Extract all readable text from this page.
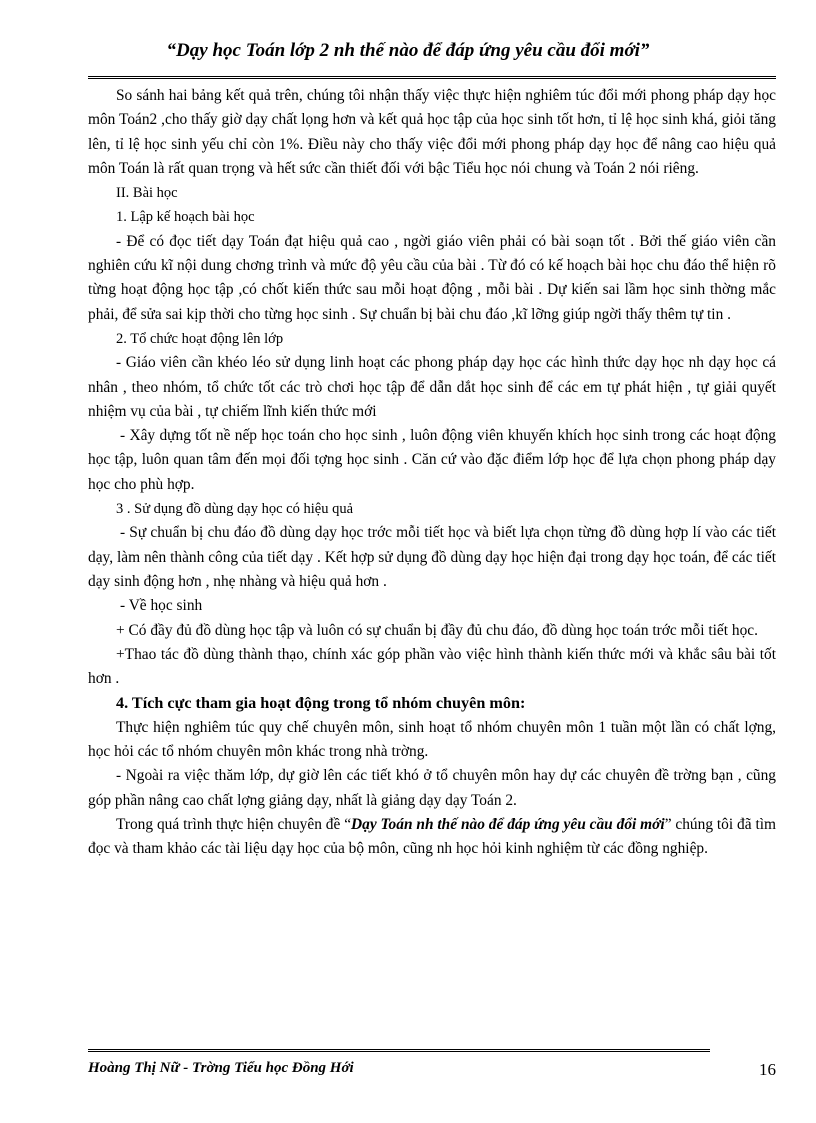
“Dạy học Toán lớp 2 nh thế nào để đáp ứng yêu cầu đổi mới”

So sánh hai bảng kết quả trên, chúng tôi nhận thấy việc thực hiện nghiêm túc đổi mới phong pháp dạy học môn Toán2 ,cho thấy giờ dạy chất lọng hơn và kết quả học tập của học sinh tốt hơn, tỉ lệ học sinh khá, giỏi tăng lên, tỉ lệ học sinh yếu chỉ còn 1%. Điều này cho thấy việc đổi mới phong pháp dạy học để nâng cao hiệu quả môn Toán là rất quan trọng và hết sức cần thiết đối với bậc Tiểu học nói chung và Toán 2 nói riêng.

II. Bài học

1. Lập kế hoạch bài học

- Để có đọc tiết dạy Toán đạt hiệu quả cao , ngời giáo viên phải có bài soạn tốt . Bởi thế giáo viên cần nghiên cứu kĩ nội dung chơng trình và mức độ yêu cầu của bài . Từ đó có kế hoạch bài học chu đáo thể hiện rõ từng hoạt động học tập ,có chốt kiến thức sau mỗi hoạt động , mỗi bài . Dự kiến sai lầm học sinh thờng mắc phải, để sửa sai kịp thời cho từng học sinh . Sự chuẩn bị bài chu đáo ,kĩ lỡng giúp ngời thấy thêm tự tin .

2. Tổ chức hoạt động lên lớp

- Giáo viên cần khéo léo sử dụng linh hoạt các phong pháp dạy học các hình thức dạy học nh dạy học cá nhân , theo nhóm, tổ chức tốt các trò chơi học tập để dẫn dắt học sinh để các em tự phát hiện , tự giải quyết nhiệm vụ của bài , tự chiếm lĩnh kiến thức mới

- Xây dựng tốt nề nếp học toán cho học sinh , luôn động viên khuyến khích học sinh trong các hoạt động học tập, luôn quan tâm đến mọi đối tợng học sinh . Căn cứ vào đặc điểm lớp học để lựa chọn phong pháp dạy học cho phù hợp.

3 . Sử dụng đồ dùng dạy học có hiệu quả

- Sự chuẩn bị chu đáo đồ dùng dạy học trớc mỗi tiết học và biết lựa chọn từng đồ dùng hợp lí vào các tiết dạy, làm nên thành công của tiết dạy . Kết hợp sử dụng đồ dùng dạy học hiện đại trong dạy học toán, để các tiết dạy sinh động hơn , nhẹ nhàng và hiệu quả hơn .

- Về học sinh

+ Có đầy đủ đồ dùng học tập và luôn có sự chuẩn bị đầy đủ chu đáo, đồ dùng học toán trớc mỗi tiết học.

+Thao tác đồ dùng thành thạo, chính xác góp phần vào việc hình thành kiến thức mới và khắc sâu bài tốt hơn .

4. Tích cực tham gia hoạt động trong tổ nhóm chuyên môn:

Thực hiện nghiêm túc quy chế chuyên môn, sinh hoạt tổ nhóm chuyên môn 1 tuần một lần có chất lợng, học hỏi các tổ nhóm chuyên môn khác trong nhà trờng.

- Ngoài ra việc thăm lớp, dự giờ lên các tiết khó ở tổ chuyên môn hay dự các chuyên đề trờng bạn , cũng góp phần nâng cao chất lợng giảng dạy, nhất là giảng dạy dạy Toán 2.

Trong quá trình thực hiện chuyên đề “Dạy Toán nh thế nào để đáp ứng yêu cầu đổi mới” chúng tôi đã tìm đọc và tham khảo các tài liệu dạy học của bộ môn, cũng nh học hỏi kinh nghiệm từ các đồng nghiệp.

Hoàng Thị Nữ - Trờng Tiểu học Đồng Hới	16
